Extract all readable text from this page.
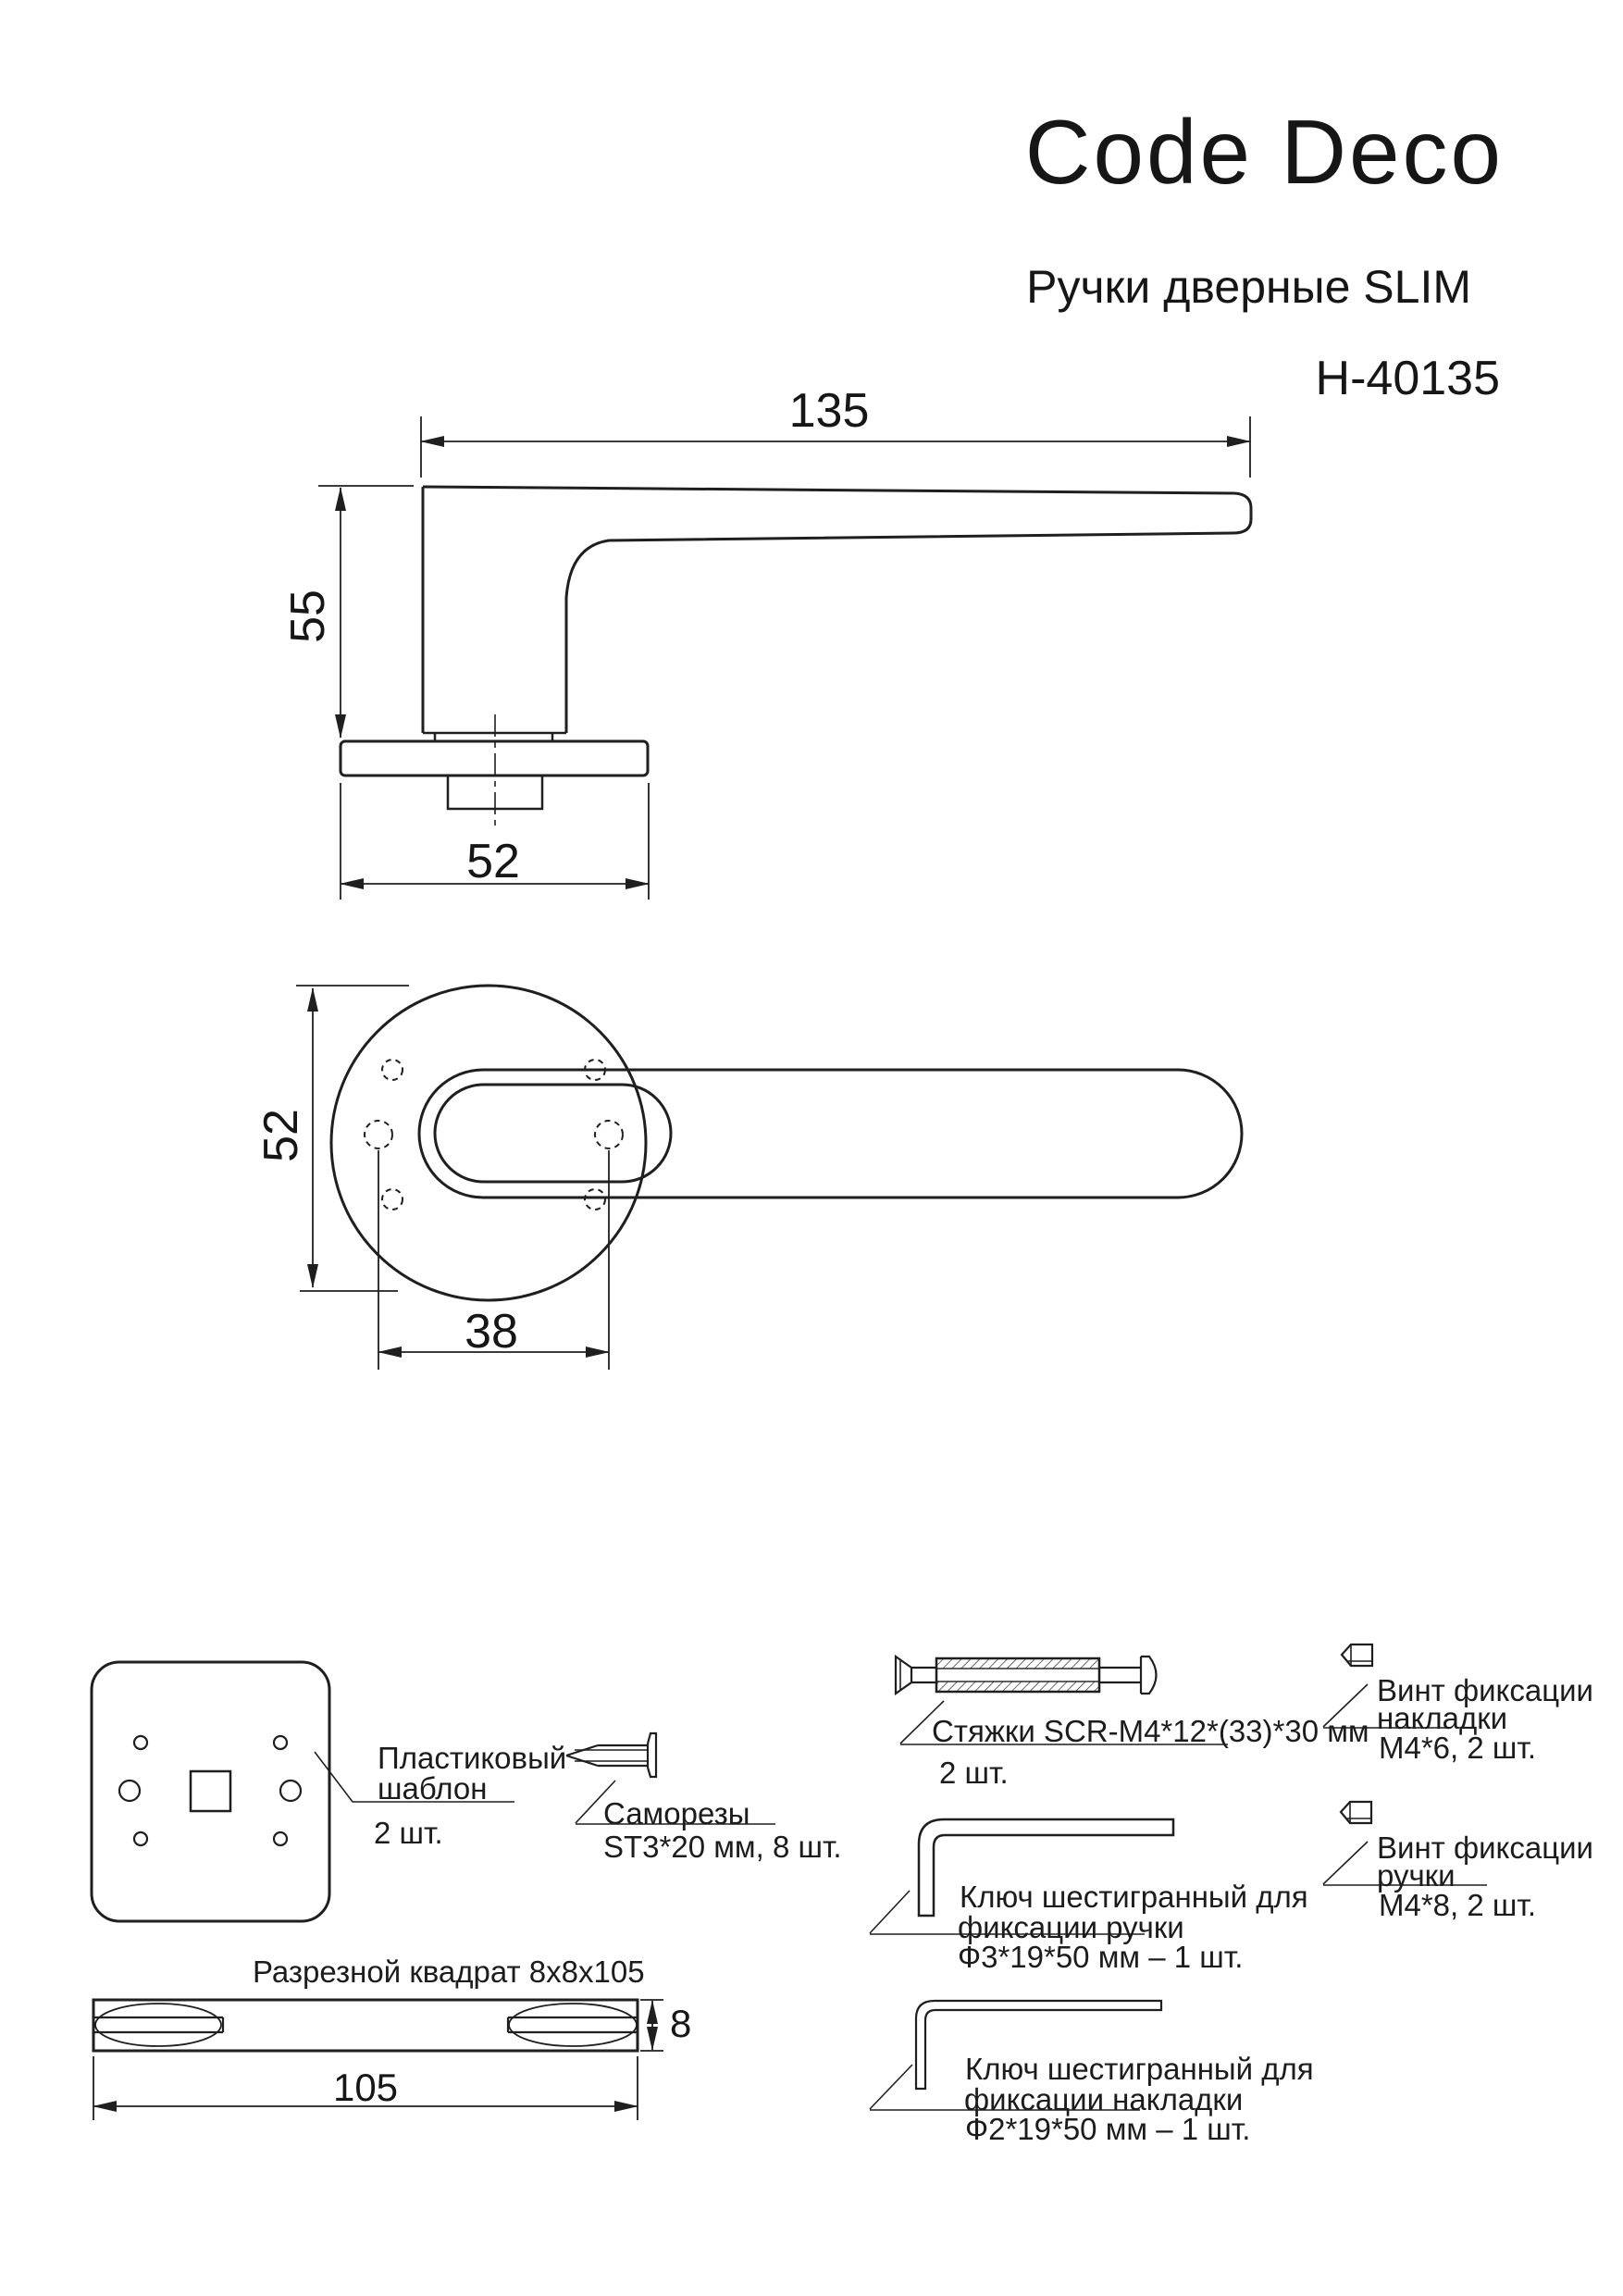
Code Deco
Ручки дверные SLIM
H-40135
135
55
52
52
38
105
8
Пластиковый
шаблон
2 шт.
Саморезы
ST3*20 мм, 8 шт.
Разрезной квадрат 8x8x105
Стяжки SCR-M4*12*(33)*30 мм
2 шт.
Ключ шестигранный для
фиксации ручки
Ф3*19*50 мм – 1 шт.
Ключ шестигранный для
фиксации накладки
Ф2*19*50 мм – 1 шт.
Винт фиксации
накладки
M4*6, 2 шт.
Винт фиксации
ручки
M4*8, 2 шт.
